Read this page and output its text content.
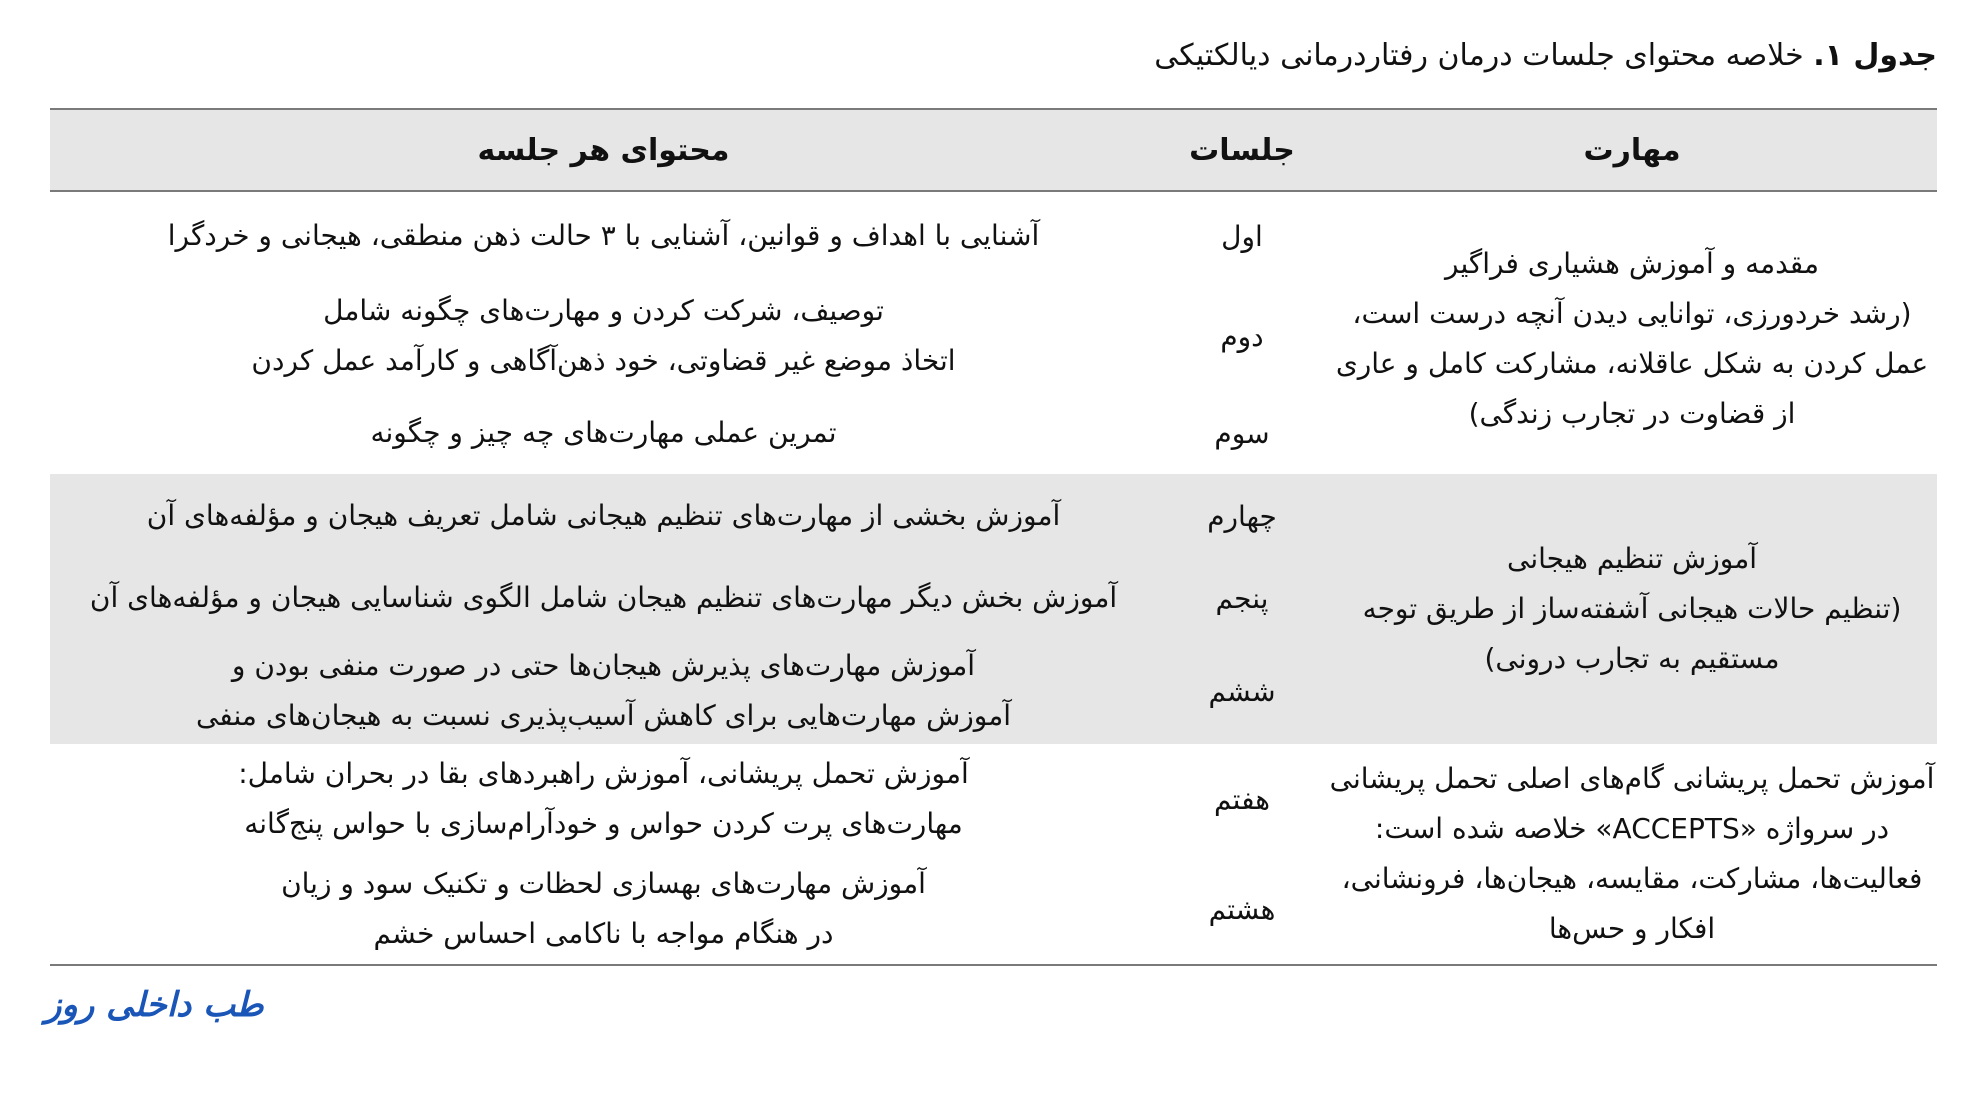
جدول ۱. خلاصه محتوای جلسات درمان رفتاردرمانی دیالکتیکی
مهارت
جلسات
محتوای هر جلسه
مقدمه و آموزش هشیاری فراگیر
(رشد خردورزی، توانایی دیدن آنچه درست است،
عمل کردن به شکل عاقلانه، مشارکت کامل و عاری
از قضاوت در تجارب زندگی)
اول
آشنایی با اهداف و قوانین، آشنایی با ۳ حالت ذهن منطقی، هیجانی و خردگرا
دوم
توصیف، شرکت کردن و مهارت‌های چگونه شامل
اتخاذ موضع غیر قضاوتی، خود ذهن‌آگاهی و کارآمد عمل کردن
سوم
تمرین عملی مهارت‌های چه چیز و چگونه
آموزش تنظیم هیجانی
(تنظیم حالات هیجانی آشفته‌ساز از طریق توجه
مستقیم به تجارب درونی)
چهارم
آموزش بخشی از مهارت‌های تنظیم هیجانی شامل تعریف هیجان و مؤلفه‌های آن
پنجم
آموزش بخش دیگر مهارت‌های تنظیم هیجان شامل الگوی شناسایی هیجان و مؤلفه‌های آن
ششم
آموزش مهارت‌های پذیرش هیجان‌ها حتی در صورت منفی بودن و
آموزش مهارت‌هایی برای کاهش آسیب‌پذیری نسبت به هیجان‌های منفی
آموزش تحمل پریشانی گام‌های اصلی تحمل پریشانی
در سرواژه «ACCEPTS» خلاصه شده است:
فعالیت‌ها، مشارکت، مقایسه، هیجان‌ها، فرونشانی،
افکار و حس‌ها
هفتم
آموزش تحمل پریشانی، آموزش راهبردهای بقا در بحران شامل:
مهارت‌های پرت کردن حواس و خودآرام‌سازی با حواس پنج‌گانه
هشتم
آموزش مهارت‌های بهسازی لحظات و تکنیک سود و زیان
در هنگام مواجه با ناکامی احساس خشم
طب داخلی روز
